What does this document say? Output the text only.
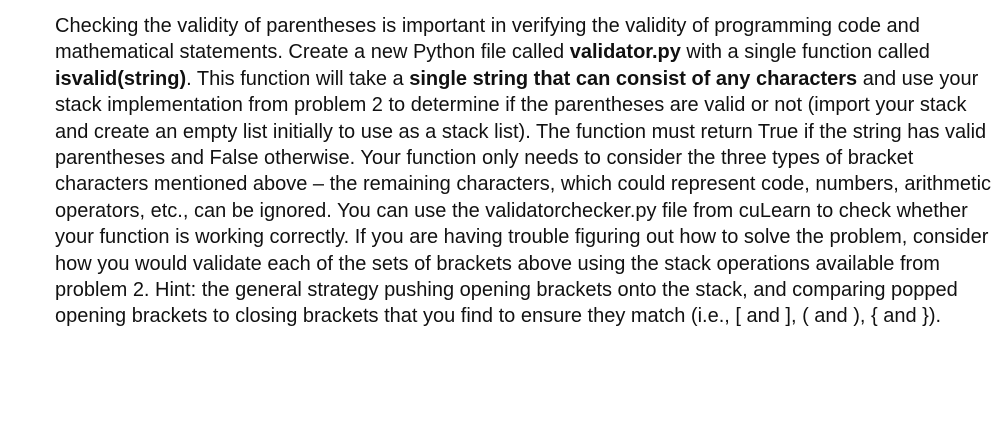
Checking the validity of parentheses is important in verifying the validity of programming code and mathematical statements. Create a new Python file called validator.py with a single function called isvalid(string). This function will take a single string that can consist of any characters and use your stack implementation from problem 2 to determine if the parentheses are valid or not (import your stack and create an empty list initially to use as a stack list). The function must return True if the string has valid parentheses and False otherwise. Your function only needs to consider the three types of bracket characters mentioned above – the remaining characters, which could represent code, numbers, arithmetic operators, etc., can be ignored. You can use the validatorchecker.py file from cuLearn to check whether your function is working correctly. If you are having trouble figuring out how to solve the problem, consider how you would validate each of the sets of brackets above using the stack operations available from problem 2. Hint: the general strategy pushing opening brackets onto the stack, and comparing popped opening brackets to closing brackets that you find to ensure they match (i.e., [ and ], ( and ), { and }).
